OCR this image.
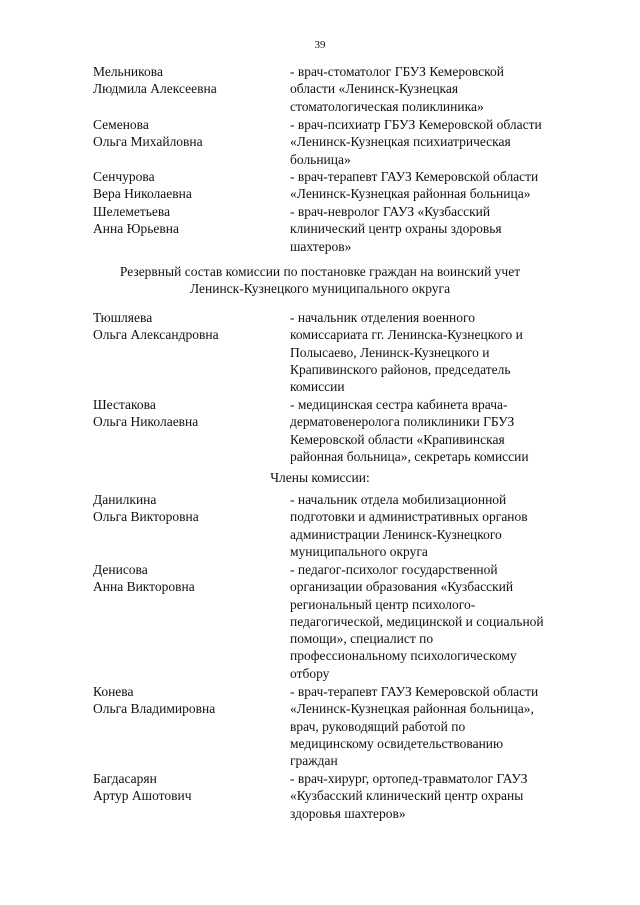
39
Мельникова
Людмила Алексеевна
- врач-стоматолог ГБУЗ Кемеровской
области «Ленинск-Кузнецкая
стоматологическая поликлиника»
Семенова
Ольга Михайловна
- врач-психиатр ГБУЗ Кемеровской области
«Ленинск-Кузнецкая психиатрическая
больница»
Сенчурова
Вера Николаевна
- врач-терапевт ГАУЗ Кемеровской области
«Ленинск-Кузнецкая районная больница»
Шелеметьева
Анна Юрьевна
- врач-невролог ГАУЗ «Кузбасский
клинический центр охраны здоровья
шахтеров»
Резервный состав комиссии по постановке граждан на воинский учет
Ленинск-Кузнецкого муниципального округа
Тюшляева
Ольга Александровна
- начальник отделения военного
комиссариата гг. Ленинска-Кузнецкого и
Полысаево, Ленинск-Кузнецкого и
Крапивинского районов, председатель
комиссии
Шестакова
Ольга Николаевна
- медицинская сестра кабинета врача-
дерматовенеролога поликлиники ГБУЗ
Кемеровской области «Крапивинская
районная больница», секретарь комиссии
Члены комиссии:
Данилкина
Ольга Викторовна
- начальник отдела мобилизационной
подготовки и административных органов
администрации Ленинск-Кузнецкого
муниципального округа
Денисова
Анна Викторовна
- педагог-психолог государственной
организации образования «Кузбасский
региональный центр психолого-
педагогической, медицинской и социальной
помощи», специалист по
профессиональному психологическому
отбору
Конева
Ольга Владимировна
- врач-терапевт ГАУЗ Кемеровской области
«Ленинск-Кузнецкая районная больница»,
врач, руководящий работой по
медицинскому освидетельствованию
граждан
Багдасарян
Артур Ашотович
- врач-хирург, ортопед-травматолог ГАУЗ
«Кузбасский клинический центр охраны
здоровья шахтеров»
